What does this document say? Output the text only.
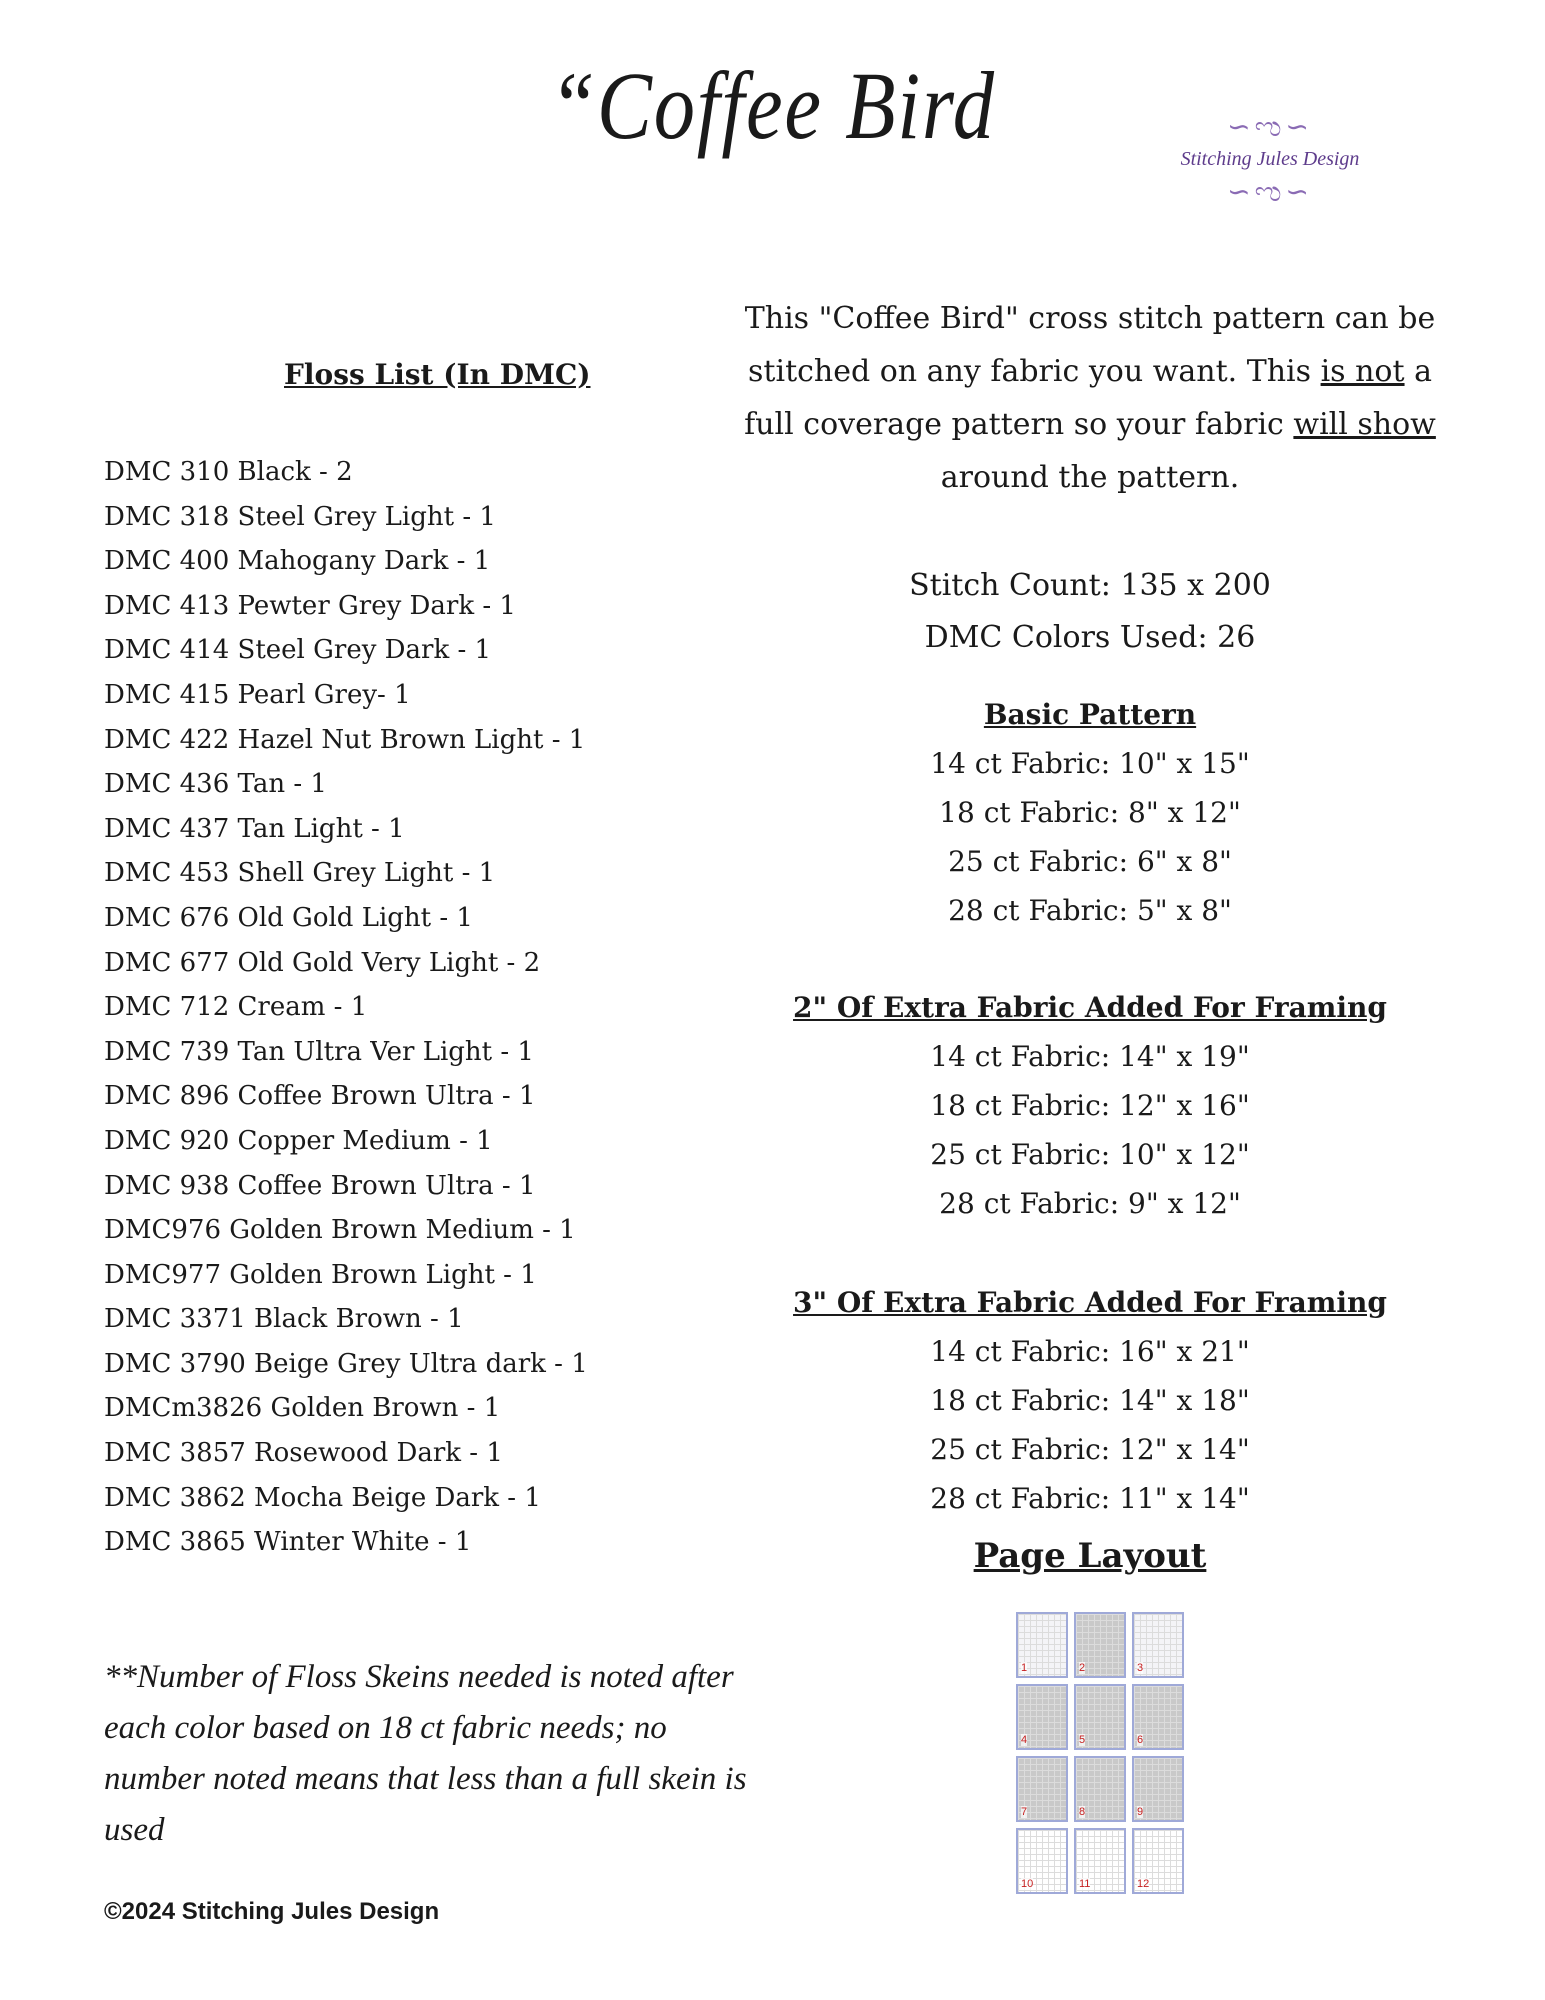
“Coffee Bird	∽ಌ∽
Stitching Jules Design
∽ಌ∽
Floss List (In DMC)
DMC 310 Black - 2
DMC 318 Steel Grey Light - 1
DMC 400 Mahogany Dark - 1
DMC 413 Pewter Grey Dark - 1
DMC 414 Steel Grey Dark - 1
DMC 415 Pearl Grey- 1
DMC 422 Hazel Nut Brown Light - 1
DMC 436 Tan - 1
DMC 437 Tan Light - 1
DMC 453 Shell Grey Light - 1
DMC 676 Old Gold Light - 1
DMC 677 Old Gold Very Light - 2
DMC 712 Cream - 1
DMC 739 Tan Ultra Ver Light - 1
DMC 896 Coffee Brown Ultra - 1
DMC 920 Copper Medium - 1
DMC 938 Coffee Brown Ultra - 1
DMC976 Golden Brown Medium - 1
DMC977 Golden Brown Light - 1
DMC 3371 Black Brown - 1
DMC 3790 Beige Grey Ultra dark - 1
DMCm3826 Golden Brown - 1
DMC 3857 Rosewood Dark - 1
DMC 3862 Mocha Beige Dark - 1
DMC 3865 Winter White - 1
**Number of Floss Skeins needed is noted after each color based on 18 ct fabric needs; no number noted means that less than a full skein is used
©2024 Stitching Jules Design
This "Coffee Bird" cross stitch pattern can be stitched on any fabric you want. This is not a full coverage pattern so your fabric will show around the pattern.
Stitch Count: 135 x 200
DMC Colors Used: 26
Basic Pattern
14 ct Fabric: 10" x 15"
18 ct Fabric: 8" x 12"
25 ct Fabric: 6" x 8"
28 ct Fabric: 5" x 8"
2" Of Extra Fabric Added For Framing
14 ct Fabric: 14" x 19"
18 ct Fabric: 12" x 16"
25 ct Fabric: 10" x 12"
28 ct Fabric: 9" x 12"
3" Of Extra Fabric Added For Framing
14 ct Fabric: 16" x 21"
18 ct Fabric: 14" x 18"
25 ct Fabric: 12" x 14"
28 ct Fabric: 11" x 14"
Page Layout
1	2	3
4	5	6
7	8	9
10	11	12
